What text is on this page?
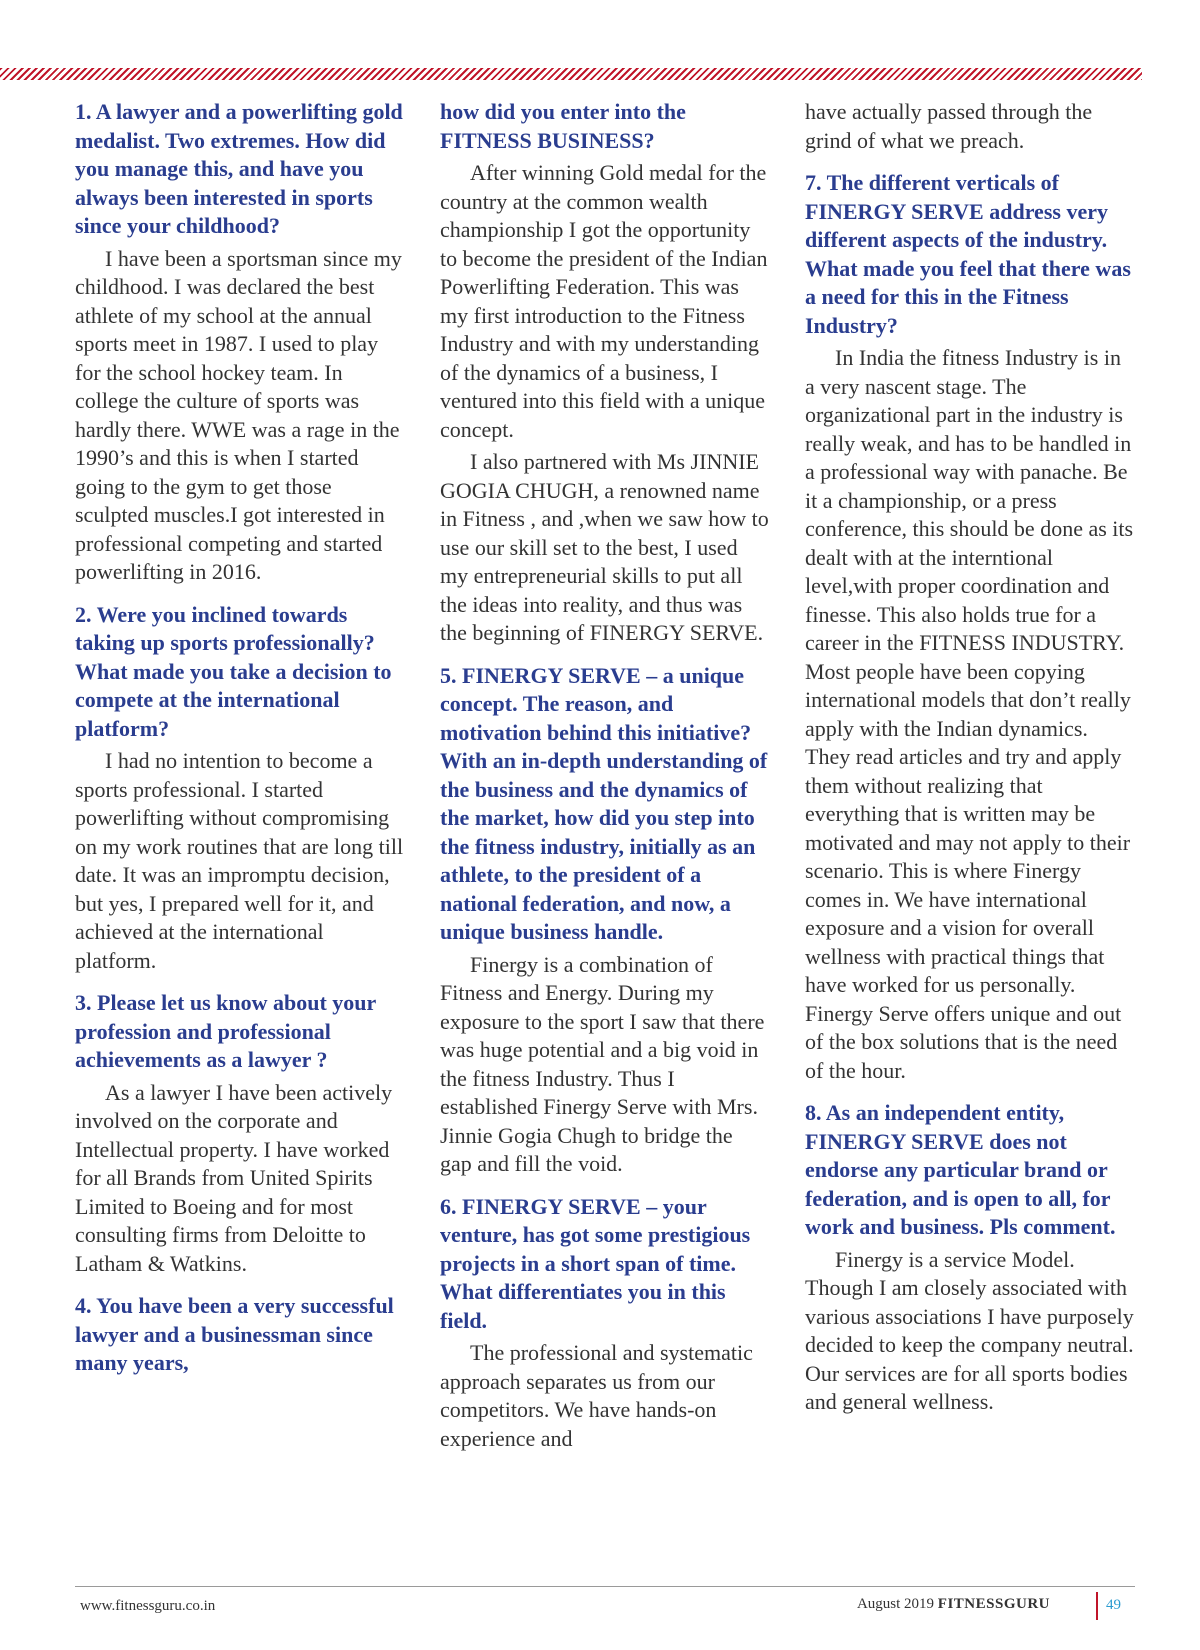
1. A lawyer and a powerlifting gold medalist. Two extremes. How did you manage this, and have you always been interested in sports since your childhood?

I have been a sportsman since my childhood. I was declared the best athlete of my school at the annual sports meet in 1987. I used to play for the school hockey team. In college the culture of sports was hardly there. WWE was a rage in the 1990’s and this is when I started going to the gym to get those sculpted muscles.I got interested in professional competing and started powerlifting in 2016.

2. Were you inclined towards taking up sports professionally? What made you take a decision to compete at the international platform?

I had no intention to become a sports professional. I started powerlifting without compromising on my work routines that are long till date. It was an impromptu decision, but yes, I prepared well for it, and achieved at the international platform.

3. Please let us know about your profession and professional achievements as a lawyer ?

As a lawyer I have been actively involved on the corporate and Intellectual property. I have worked for all Brands from United Spirits Limited to Boeing and for most consulting firms from Deloitte to Latham & Watkins.

4. You have been a very successful lawyer and a businessman since many years,

how did you enter into the FITNESS BUSINESS?

After winning Gold medal for the country at the common wealth championship I got the opportunity to become the president of the Indian Powerlifting Federation. This was my first introduction to the Fitness Industry and with my understanding of the dynamics of a business, I ventured into this field with a unique concept.

I also partnered with Ms JINNIE GOGIA CHUGH, a renowned name in Fitness , and ,when we saw how to use our skill set to the best, I used my entrepreneurial skills to put all the ideas into reality, and thus was the beginning of FINERGY SERVE.

5. FINERGY SERVE – a unique concept. The reason, and motivation behind this initiative? With an in-depth understanding of the business and the dynamics of the market, how did you step into the fitness industry, initially as an athlete, to the president of a national federation, and now, a unique business handle.

Finergy is a combination of Fitness and Energy. During my exposure to the sport I saw that there was huge potential and a big void in the fitness Industry. Thus I established Finergy Serve with Mrs. Jinnie Gogia Chugh to bridge the gap and fill the void.

6. FINERGY SERVE – your venture, has got some prestigious projects in a short span of time. What differentiates you in this field.

The professional and systematic approach separates us from our competitors. We have hands-on experience and

have actually passed through the grind of what we preach.

7. The different verticals of FINERGY SERVE address very different aspects of the industry. What made you feel that there was a need for this in the Fitness Industry?

In India the fitness Industry is in a very nascent stage. The organizational part in the industry is really weak, and has to be handled in a professional way with panache. Be it a championship, or a press conference, this should be done as its dealt with at the interntional level,with proper coordination and finesse. This also holds true for a career in the FITNESS INDUSTRY. Most people have been copying international models that don’t really apply with the Indian dynamics. They read articles and try and apply them without realizing that everything that is written may be motivated and may not apply to their scenario. This is where Finergy comes in. We have international exposure and a vision for overall wellness with practical things that have worked for us personally. Finergy Serve offers unique and out of the box solutions that is the need of the hour.

8. As an independent entity, FINERGY SERVE does not endorse any particular brand or federation, and is open to all, for work and business. Pls comment.

Finergy is a service Model. Though I am closely associated with various associations I have purposely decided to keep the company neutral. Our services are for all sports bodies and general wellness.

www.fitnessguru.co.in	August 2019 FITNESSGURU	49
